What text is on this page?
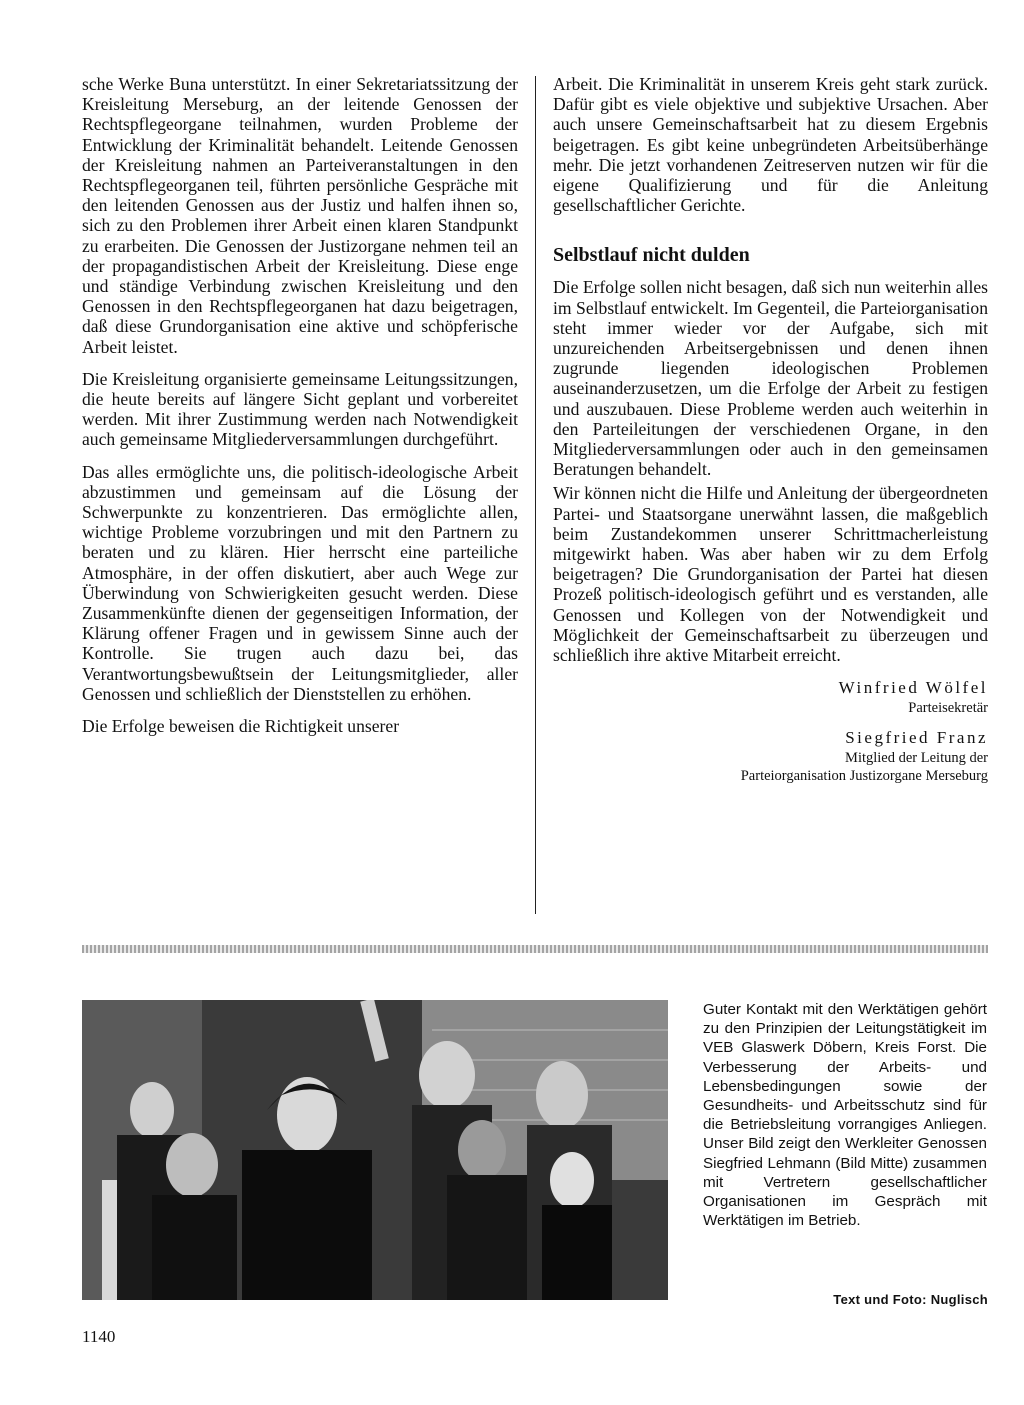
sche Werke Buna unterstützt. In einer Sekretariatssitzung der Kreisleitung Merseburg, an der leitende Genossen der Rechtspflegeorgane teilnahmen, wurden Probleme der Entwicklung der Kriminalität behandelt. Leitende Genossen der Kreisleitung nahmen an Parteiveranstaltungen in den Rechtspflegeorganen teil, führten persönliche Gespräche mit den leitenden Genossen aus der Justiz und halfen ihnen so, sich zu den Problemen ihrer Arbeit einen klaren Standpunkt zu erarbeiten. Die Genossen der Justizorgane nehmen teil an der propagandistischen Arbeit der Kreisleitung. Diese enge und ständige Verbindung zwischen Kreisleitung und den Genossen in den Rechtspflegeorganen hat dazu beigetragen, daß diese Grundorganisation eine aktive und schöpferische Arbeit leistet.

Die Kreisleitung organisierte gemeinsame Leitungssitzungen, die heute bereits auf längere Sicht geplant und vorbereitet werden. Mit ihrer Zustimmung werden nach Notwendigkeit auch gemeinsame Mitgliederversammlungen durchgeführt.

Das alles ermöglichte uns, die politisch-ideologische Arbeit abzustimmen und gemeinsam auf die Lösung der Schwerpunkte zu konzentrieren. Das ermöglichte allen, wichtige Probleme vorzubringen und mit den Partnern zu beraten und zu klären. Hier herrscht eine parteiliche Atmosphäre, in der offen diskutiert, aber auch Wege zur Überwindung von Schwierigkeiten gesucht werden. Diese Zusammenkünfte dienen der gegenseitigen Information, der Klärung offener Fragen und in gewissem Sinne auch der Kontrolle. Sie trugen auch dazu bei, das Verantwortungsbewußtsein der Leitungsmitglieder, aller Genossen und schließlich der Dienststellen zu erhöhen.

Die Erfolge beweisen die Richtigkeit unserer

Arbeit. Die Kriminalität in unserem Kreis geht stark zurück. Dafür gibt es viele objektive und subjektive Ursachen. Aber auch unsere Gemeinschaftsarbeit hat zu diesem Ergebnis beigetragen. Es gibt keine unbegründeten Arbeitsüberhänge mehr. Die jetzt vorhandenen Zeitreserven nutzen wir für die eigene Qualifizierung und für die Anleitung gesellschaftlicher Gerichte.

Selbstlauf nicht dulden

Die Erfolge sollen nicht besagen, daß sich nun weiterhin alles im Selbstlauf entwickelt. Im Gegenteil, die Parteiorganisation steht immer wieder vor der Aufgabe, sich mit unzureichenden Arbeitsergebnissen und denen ihnen zugrunde liegenden ideologischen Problemen auseinanderzusetzen, um die Erfolge der Arbeit zu festigen und auszubauen. Diese Probleme werden auch weiterhin in den Parteileitungen der verschiedenen Organe, in den Mitgliederversammlungen oder auch in den gemeinsamen Beratungen behandelt.

Wir können nicht die Hilfe und Anleitung der übergeordneten Partei- und Staatsorgane unerwähnt lassen, die maßgeblich beim Zustandekommen unserer Schrittmacherleistung mitgewirkt haben. Was aber haben wir zu dem Erfolg beigetragen? Die Grundorganisation der Partei hat diesen Prozeß politisch-ideologisch geführt und es verstanden, alle Genossen und Kollegen von der Notwendigkeit und Möglichkeit der Gemeinschaftsarbeit zu überzeugen und schließlich ihre aktive Mitarbeit erreicht.

Winfried Wölfel
Parteisekretär
Siegfried Franz
Mitglied der Leitung der
Parteiorganisation Justizorgane Merseburg
Guter Kontakt mit den Werktätigen gehört zu den Prinzipien der Leitungstätigkeit im VEB Glaswerk Döbern, Kreis Forst. Die Verbesserung der Arbeits- und Lebensbedingungen sowie der Gesundheits- und Arbeitsschutz sind für die Betriebsleitung vorrangiges Anliegen. Unser Bild zeigt den Werkleiter Genossen Siegfried Lehmann (Bild Mitte) zusammen mit Vertretern gesellschaftlicher Organisationen im Gespräch mit Werktätigen im Betrieb.
Text und Foto: Nuglisch
1140
